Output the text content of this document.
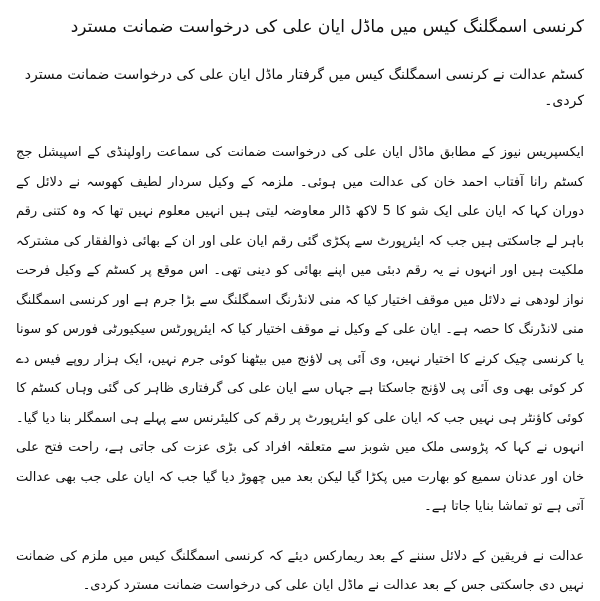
کرنسی اسمگلنگ کیس میں ماڈل ایان علی کی درخواست ضمانت مسترد

کسٹم عدالت نے کرنسی اسمگلنگ کیس میں گرفتار ماڈل ایان علی کی درخواست ضمانت مسترد کردی۔

ایکسپریس نیوز کے مطابق ماڈل ایان علی کی درخواست ضمانت کی سماعت راولپنڈی کے اسپیشل جج کسٹم رانا آفتاب احمد خان کی عدالت میں ہوئی۔ ملزمہ کے وکیل سردار لطیف کھوسہ نے دلائل کے دوران کہا کہ ایان علی ایک شو کا 5 لاکھ ڈالر معاوضہ لیتی ہیں انہیں معلوم نہیں تھا کہ وہ کتنی رقم باہر لے جاسکتی ہیں جب کہ ایئرپورٹ سے پکڑی گئی رقم ایان علی اور ان کے بھائی ذوالفقار کی مشترکہ ملکیت ہیں اور انہوں نے یہ رقم دبئی میں اپنے بھائی کو دینی تھی۔ اس موقع پر کسٹم کے وکیل فرحت نواز لودھی نے دلائل میں موقف اختیار کیا کہ منی لانڈرنگ اسمگلنگ سے بڑا جرم ہے اور کرنسی اسمگلنگ منی لانڈرنگ کا حصہ ہے۔ ایان علی کے وکیل نے موقف اختیار کیا کہ ایئرپورٹس سیکیورٹی فورس کو سونا یا کرنسی چیک کرنے کا اختیار نہیں، وی آئی پی لاؤنج میں بیٹھنا کوئی جرم نہیں، ایک ہزار روپے فیس دے کر کوئی بھی وی آئی پی لاؤنج جاسکتا ہے جہاں سے ایان علی کی گرفتاری ظاہر کی گئی وہاں کسٹم کا کوئی کاؤنٹر ہی نہیں جب کہ ایان علی کو ایئرپورٹ پر رقم کی کلیئرنس سے پہلے ہی اسمگلر بنا دیا گیا۔ انہوں نے کہا کہ پڑوسی ملک میں شوبز سے متعلقہ افراد کی بڑی عزت کی جاتی ہے، راحت فتح علی خان اور عدنان سمیع کو بھارت میں پکڑا گیا لیکن بعد میں چھوڑ دیا گیا جب کہ ایان علی جب بھی عدالت آتی ہے تو تماشا بنایا جاتا ہے۔

عدالت نے فریقین کے دلائل سننے کے بعد ریمارکس دیئے کہ کرنسی اسمگلنگ کیس میں ملزم کی ضمانت نہیں دی جاسکتی جس کے بعد عدالت نے ماڈل ایان علی کی درخواست ضمانت مسترد کردی۔
